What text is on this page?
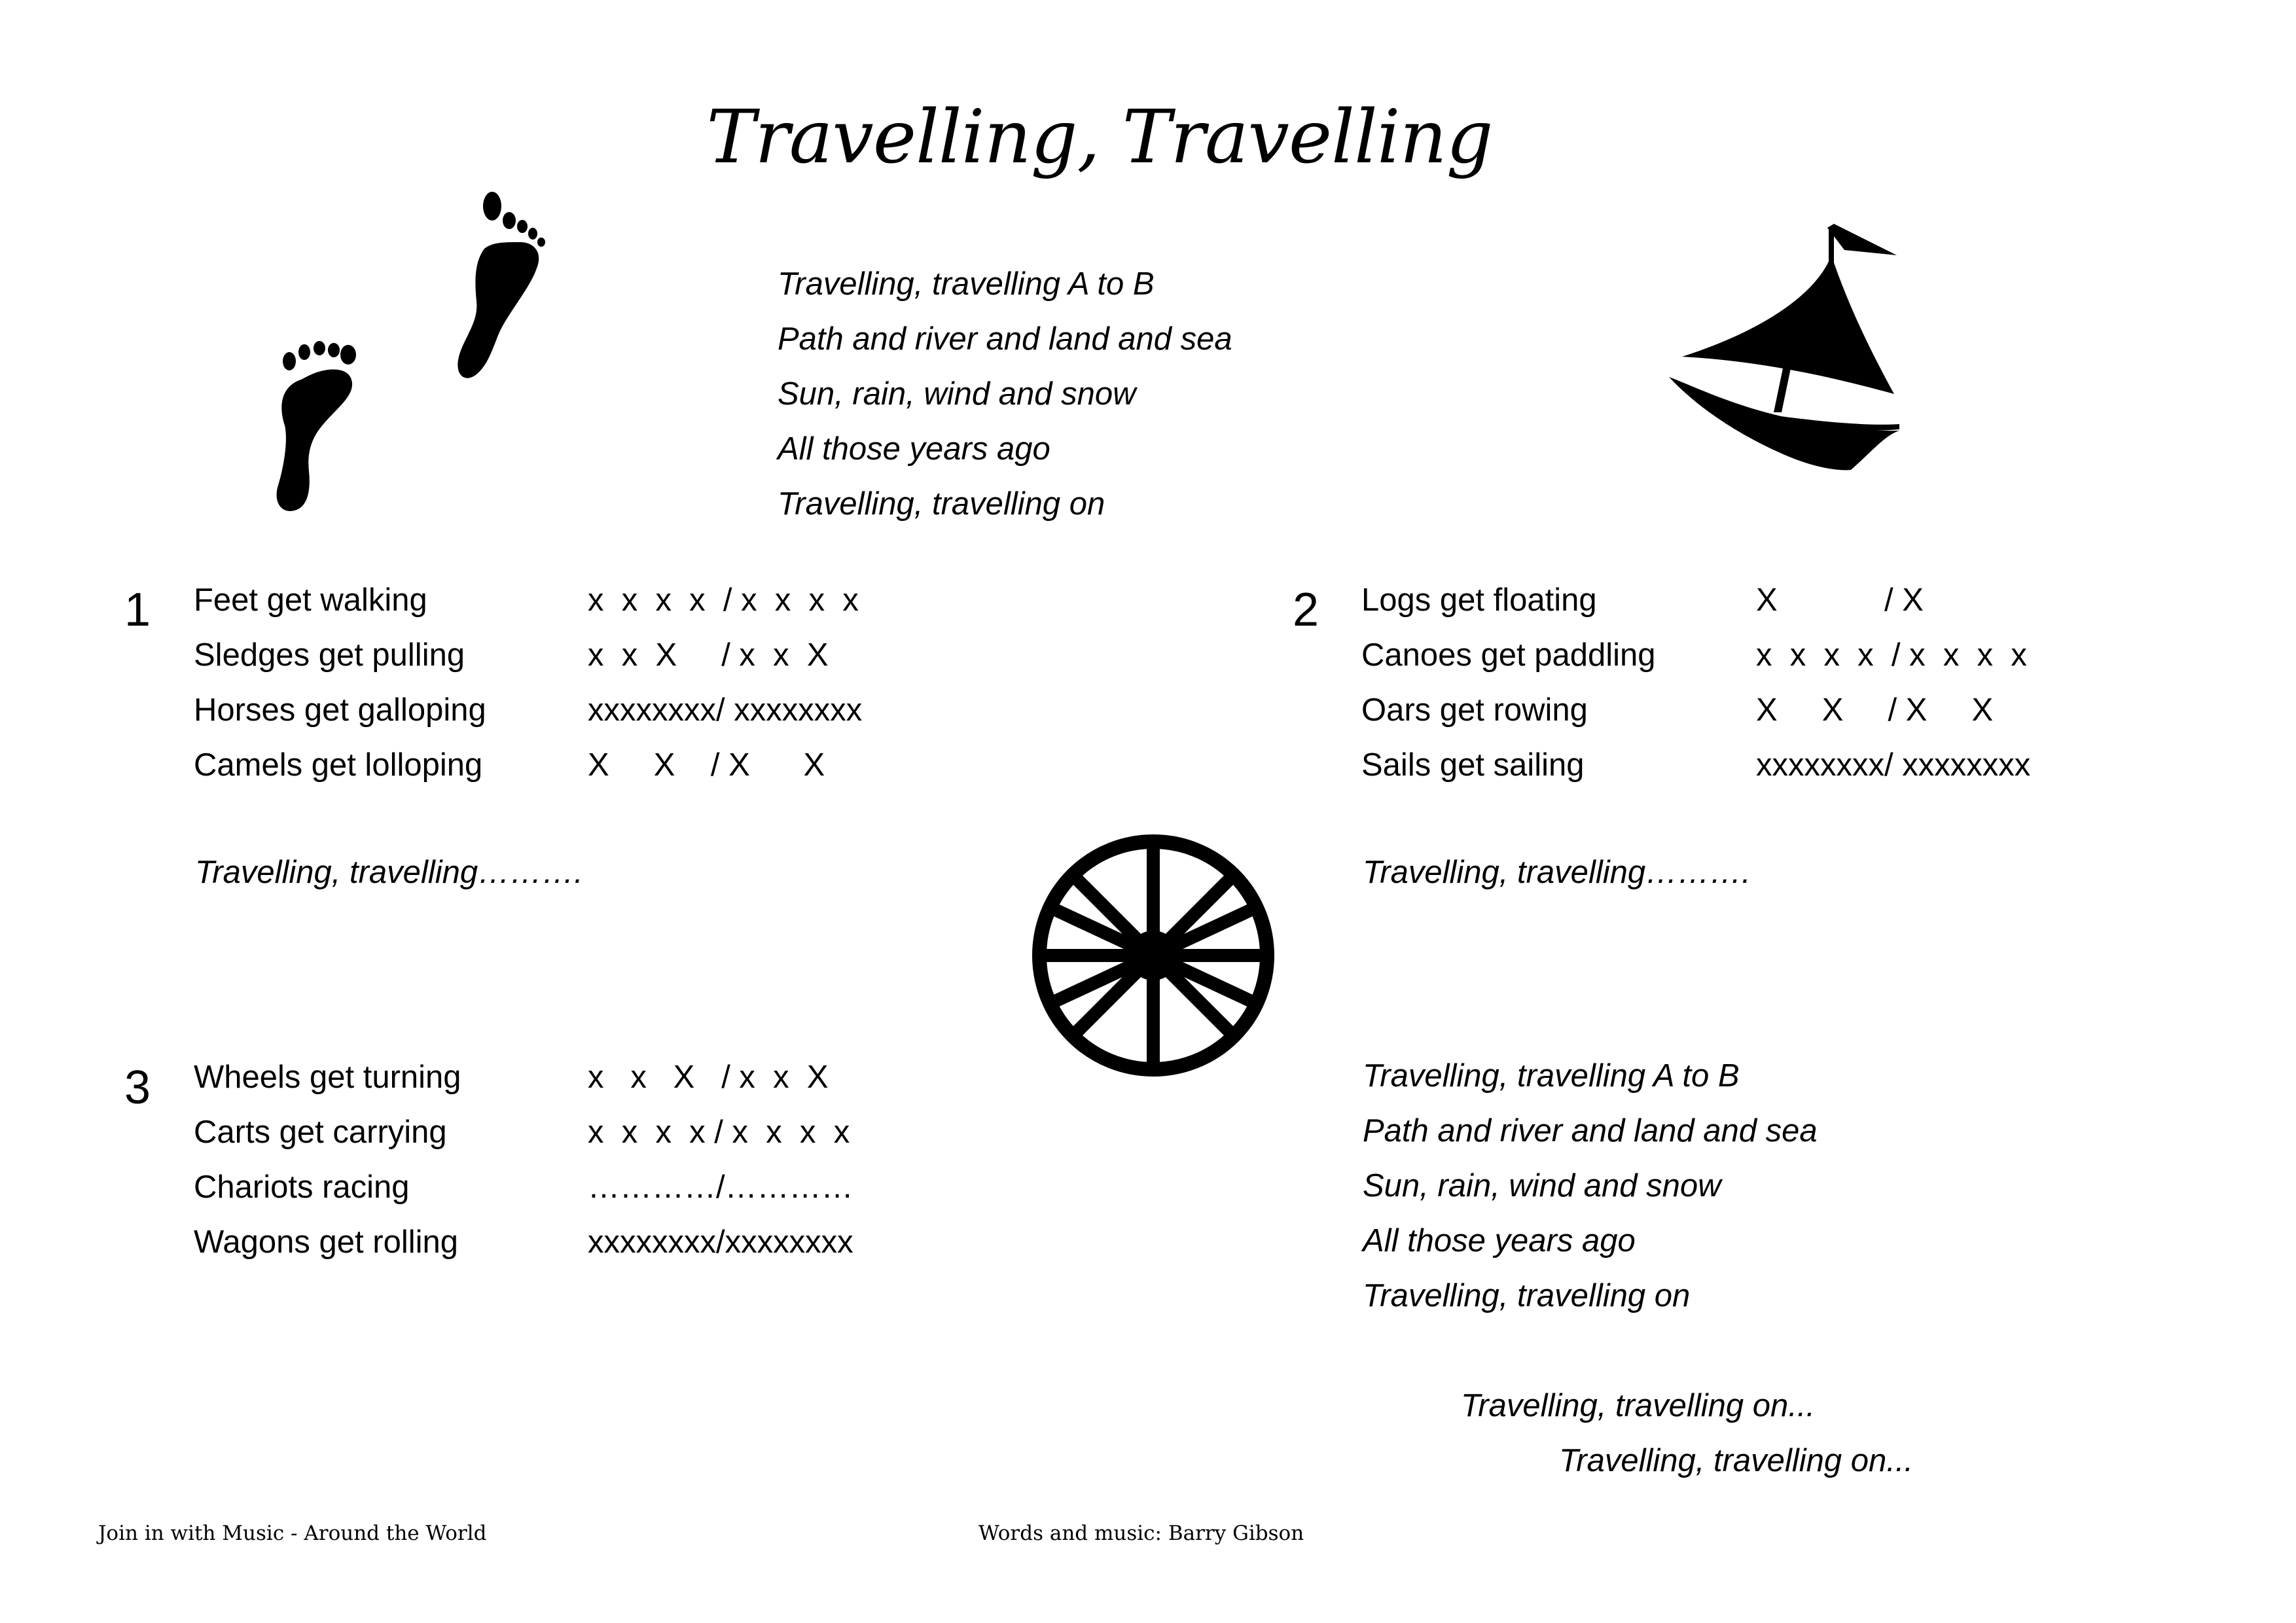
Travelling, Travelling
Travelling, travelling A to B
Path and river and land and sea
Sun, rain, wind and snow
All those years ago
Travelling, travelling on
1 Feet get walking	x  x  x  x  / x  x  x  x
Sledges get pulling	x  x  X     / x  x  X
Horses get galloping	xxxxxxxx/ xxxxxxxx
Camels get lolloping	X     X    / X      X
Travelling, travelling……….
2 Logs get floating	X            / X
Canoes get paddling	x  x  x  x  / x  x  x  x
Oars get rowing	X     X     / X     X
Sails get sailing	xxxxxxxx/ xxxxxxxx
Travelling, travelling……….
3 Wheels get turning	x   x   X   / x  x  X
Carts get carrying	x  x  x  x / x  x  x  x
Chariots racing	…………/…………
Wagons get rolling	xxxxxxxx/xxxxxxxx
Travelling, travelling A to B
Path and river and land and sea
Sun, rain, wind and snow
All those years ago
Travelling, travelling on
Travelling, travelling on...
Travelling, travelling on...
Join in with Music - Around the World	Words and music: Barry Gibson
